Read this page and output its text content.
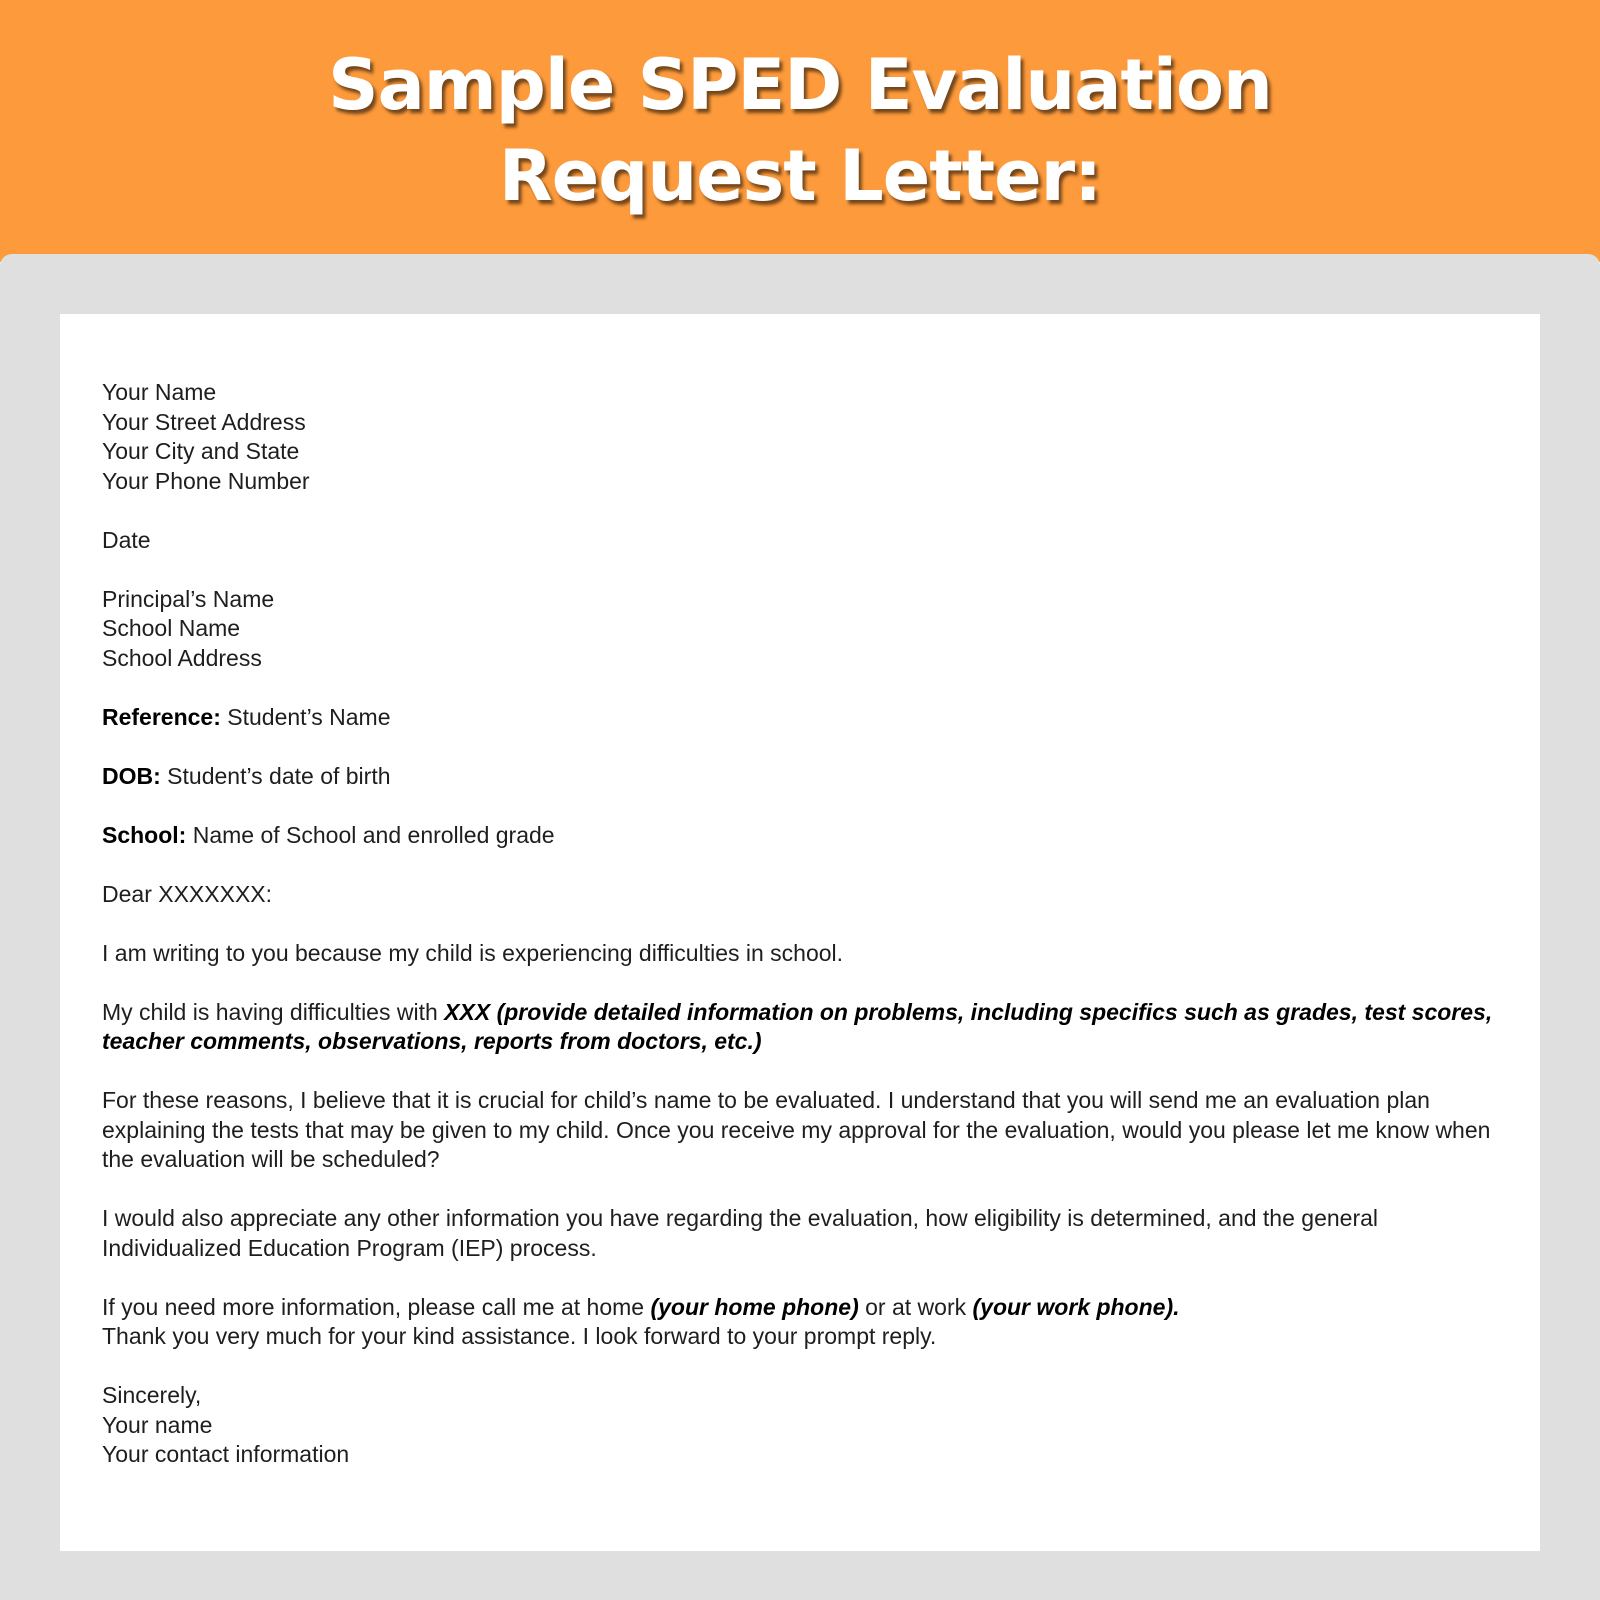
Sample SPED Evaluation
Request Letter:

Your Name
Your Street Address
Your City and State
Your Phone Number

Date

Principal’s Name
School Name
School Address

Reference: Student’s Name

DOB: Student’s date of birth

School: Name of School and enrolled grade

Dear XXXXXXX:

I am writing to you because my child is experiencing difficulties in school.

My child is having difficulties with XXX (provide detailed information on problems, including specifics such as grades, test scores, teacher comments, observations, reports from doctors, etc.)

For these reasons, I believe that it is crucial for child’s name to be evaluated. I understand that you will send me an evaluation plan explaining the tests that may be given to my child. Once you receive my approval for the evaluation, would you please let me know when the evaluation will be scheduled?

I would also appreciate any other information you have regarding the evaluation, how eligibility is determined, and the general Individualized Education Program (IEP) process.

If you need more information, please call me at home (your home phone) or at work (your work phone).
Thank you very much for your kind assistance. I look forward to your prompt reply.

Sincerely,
Your name
Your contact information
